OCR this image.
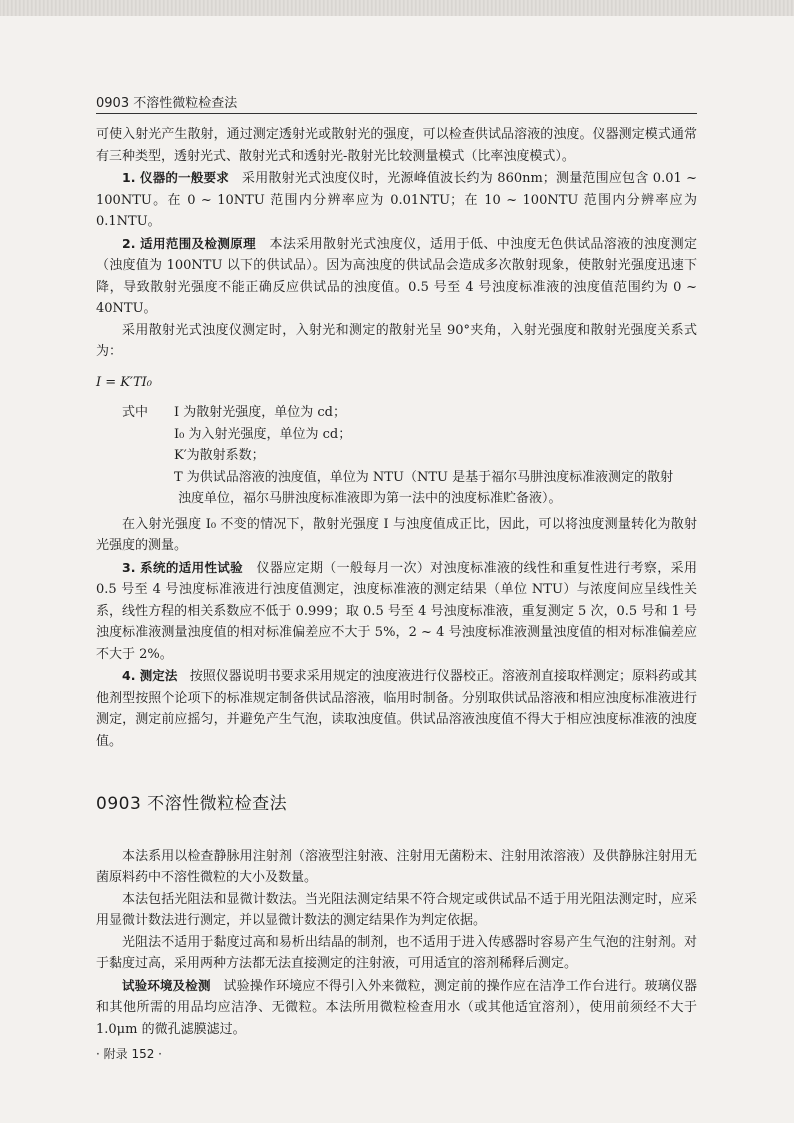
0903 不溶性微粒检查法

可使入射光产生散射，通过测定透射光或散射光的强度，可以检查供试品溶液的浊度。仪器测定模式通常有三种类型，透射光式、散射光式和透射光-散射光比较测量模式（比率浊度模式）。

1. 仪器的一般要求 采用散射光式浊度仪时，光源峰值波长约为 860nm；测量范围应包含 0.01 ~ 100NTU。在 0 ~ 10NTU 范围内分辨率应为 0.01NTU；在 10 ~ 100NTU 范围内分辨率应为 0.1NTU。

2. 适用范围及检测原理 本法采用散射光式浊度仪，适用于低、中浊度无色供试品溶液的浊度测定（浊度值为 100NTU 以下的供试品）。因为高浊度的供试品会造成多次散射现象，使散射光强度迅速下降，导致散射光强度不能正确反应供试品的浊度值。0.5 号至 4 号浊度标准液的浊度值范围约为 0 ~ 40NTU。

采用散射光式浊度仪测定时，入射光和测定的散射光呈 90°夹角，入射光强度和散射光强度关系式为：

I = K′TI₀

式中	I 为散射光强度，单位为 cd；
I₀ 为入射光强度，单位为 cd；
K′为散射系数；
T 为供试品溶液的浊度值，单位为 NTU（NTU 是基于福尔马肼浊度标准液测定的散射
浊度单位，福尔马肼浊度标准液即为第一法中的浊度标准贮备液）。

在入射光强度 I₀ 不变的情况下，散射光强度 I 与浊度值成正比，因此，可以将浊度测量转化为散射光强度的测量。

3. 系统的适用性试验 仪器应定期（一般每月一次）对浊度标准液的线性和重复性进行考察，采用 0.5 号至 4 号浊度标准液进行浊度值测定，浊度标准液的测定结果（单位 NTU）与浓度间应呈线性关系，线性方程的相关系数应不低于 0.999；取 0.5 号至 4 号浊度标准液，重复测定 5 次，0.5 号和 1 号浊度标准液测量浊度值的相对标准偏差应不大于 5%，2 ~ 4 号浊度标准液测量浊度值的相对标准偏差应不大于 2%。

4. 测定法 按照仪器说明书要求采用规定的浊度液进行仪器校正。溶液剂直接取样测定；原料药或其他剂型按照个论项下的标准规定制备供试品溶液，临用时制备。分别取供试品溶液和相应浊度标准液进行测定，测定前应摇匀，并避免产生气泡，读取浊度值。供试品溶液浊度值不得大于相应浊度标准液的浊度值。

0903 不溶性微粒检查法

本法系用以检查静脉用注射剂（溶液型注射液、注射用无菌粉末、注射用浓溶液）及供静脉注射用无菌原料药中不溶性微粒的大小及数量。

本法包括光阻法和显微计数法。当光阻法测定结果不符合规定或供试品不适于用光阻法测定时，应采用显微计数法进行测定，并以显微计数法的测定结果作为判定依据。

光阻法不适用于黏度过高和易析出结晶的制剂，也不适用于进入传感器时容易产生气泡的注射剂。对于黏度过高，采用两种方法都无法直接测定的注射液，可用适宜的溶剂稀释后测定。

试验环境及检测 试验操作环境应不得引入外来微粒，测定前的操作应在洁净工作台进行。玻璃仪器和其他所需的用品均应洁净、无微粒。本法所用微粒检查用水（或其他适宜溶剂），使用前须经不大于 1.0μm 的微孔滤膜滤过。

· 附录 152 ·
